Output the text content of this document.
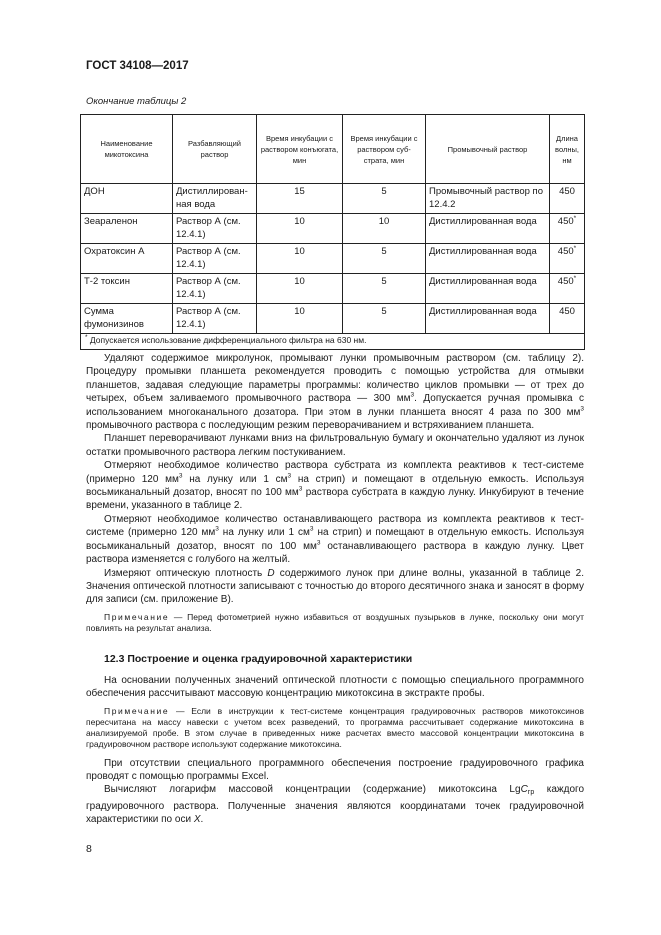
ГОСТ 34108—2017
Окончание таблицы 2
Наименование микотоксина	Разбавляющий раствор	Время инкубации с раствором конъюгата, мин	Время инкубации с раствором суб-страта, мин	Промывочный раствор	Длина волны, нм
ДОН	Дистиллирован-ная вода	15	5	Промывочный раствор по 12.4.2	450
Зеараленон	Раствор А (см. 12.4.1)	10	10	Дистиллированная вода	450*
Охратоксин А	Раствор А (см. 12.4.1)	10	5	Дистиллированная вода	450*
Т-2 токсин	Раствор А (см. 12.4.1)	10	5	Дистиллированная вода	450*
Сумма фумонизинов	Раствор А (см. 12.4.1)	10	5	Дистиллированная вода	450
* Допускается использование дифференциального фильтра на 630 нм.					

Удаляют содержимое микролунок, промывают лунки промывочным раствором (см. таблицу 2). Процедуру промывки планшета рекомендуется проводить с помощью устройства для отмывки планшетов, задавая следующие параметры программы: количество циклов промывки — от трех до четырех, объем заливаемого промывочного раствора — 300 $мм^3$. Допускается ручная промывка с использованием многоканального дозатора. При этом в лунки планшета вносят 4 раза по 300 $мм^3$ промывочного раствора с последующим резким переворачиванием и встряхиванием планшета.

Планшет переворачивают лунками вниз на фильтровальную бумагу и окончательно удаляют из лунок остатки промывочного раствора легким постукиванием.

Отмеряют необходимое количество раствора субстрата из комплекта реактивов к тест-системе (примерно 120 $мм^3$ на лунку или 1 $см^3$ на стрип) и помещают в отдельную емкость. Используя восьмиканальный дозатор, вносят по 100 $мм^3$ раствора субстрата в каждую лунку. Инкубируют в течение времени, указанного в таблице 2.

Отмеряют необходимое количество останавливающего раствора из комплекта реактивов к тест-системе (примерно 120 $мм^3$ на лунку или 1 $см^3$ на стрип) и помещают в отдельную емкость. Используя восьмиканальный дозатор, вносят по 100 $мм^3$ останавливающего раствора в каждую лунку. Цвет раствора изменяется с голубого на желтый.

Измеряют оптическую плотность D содержимого лунок при длине волны, указанной в таблице 2. Значения оптической плотности записывают с точностью до второго десятичного знака и заносят в форму для записи (см. приложение В).

Примечание — Перед фотометрией нужно избавиться от воздушных пузырьков в лунке, поскольку они могут повлиять на результат анализа.

12.3 Построение и оценка градуировочной характеристики

На основании полученных значений оптической плотности с помощью специального программного обеспечения рассчитывают массовую концентрацию микотоксина в экстракте пробы.

Примечание — Если в инструкции к тест-системе концентрация градуировочных растворов микотоксинов пересчитана на массу навески с учетом всех разведений, то программа рассчитывает содержание микотоксина в анализируемой пробе. В этом случае в приведенных ниже расчетах вместо массовой концентрации микотоксина в градуировочном растворе используют содержание микотоксина.

При отсутствии специального программного обеспечения построение градуировочного графика проводят с помощью программы Excel.

Вычисляют логарифм массовой концентрации (содержание) микотоксина LgC$_{гр}$ каждого градуировочного раствора. Полученные значения являются координатами точек градуировочной характеристики по оси X.

8
